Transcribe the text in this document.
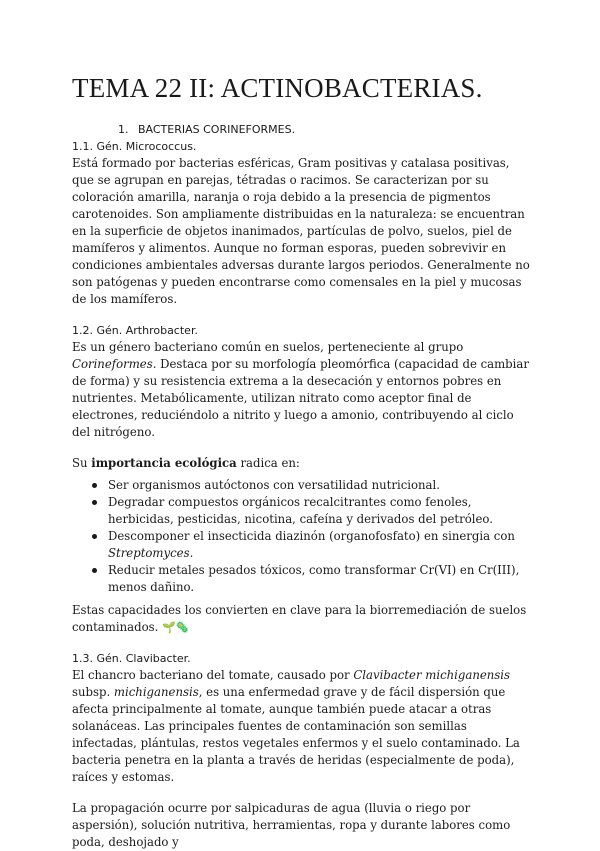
TEMA 22 II: ACTINOBACTERIAS.
1. BACTERIAS CORINEFORMES.
1.1. Gén. Micrococcus.

Está formado por bacterias esféricas, Gram positivas y catalasa positivas, que se agrupan en parejas, tétradas o racimos. Se caracterizan por su coloración amarilla, naranja o roja debido a la presencia de pigmentos carotenoides. Son ampliamente distribuidas en la naturaleza: se encuentran en la superficie de objetos inanimados, partículas de polvo, suelos, piel de mamíferos y alimentos. Aunque no forman esporas, pueden sobrevivir en condiciones ambientales adversas durante largos periodos. Generalmente no son patógenas y pueden encontrarse como comensales en la piel y mucosas de los mamíferos.

1.2. Gén. Arthrobacter.

Es un género bacteriano común en suelos, perteneciente al grupo Corineformes. Destaca por su morfología pleomórfica (capacidad de cambiar de forma) y su resistencia extrema a la desecación y entornos pobres en nutrientes. Metabólicamente, utilizan nitrato como aceptor final de electrones, reduciéndolo a nitrito y luego a amonio, contribuyendo al ciclo del nitrógeno.

Su importancia ecológica radica en:

Ser organismos autóctonos con versatilidad nutricional.
Degradar compuestos orgánicos recalcitrantes como fenoles, herbicidas, pesticidas, nicotina, cafeína y derivados del petróleo.
Descomponer el insecticida diazinón (organofosfato) en sinergia con Streptomyces.
Reducir metales pesados tóxicos, como transformar Cr(VI) en Cr(III), menos dañino.

Estas capacidades los convierten en clave para la biorremediación de suelos contaminados. 🌱🦠

1.3. Gén. Clavibacter.

El chancro bacteriano del tomate, causado por Clavibacter michiganensis subsp. michiganensis, es una enfermedad grave y de fácil dispersión que afecta principalmente al tomate, aunque también puede atacar a otras solanáceas. Las principales fuentes de contaminación son semillas infectadas, plántulas, restos vegetales enfermos y el suelo contaminado. La bacteria penetra en la planta a través de heridas (especialmente de poda), raíces y estomas.

La propagación ocurre por salpicaduras de agua (lluvia o riego por aspersión), solución nutritiva, herramientas, ropa y durante labores como poda, deshojado y
